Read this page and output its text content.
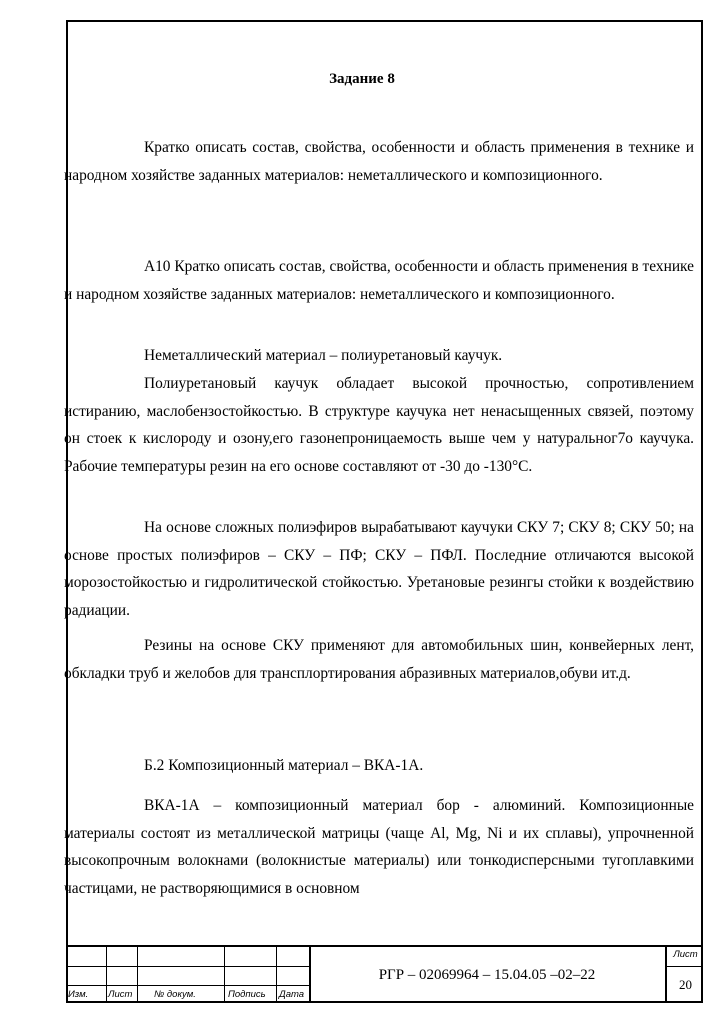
Задание 8

Кратко описать состав, свойства, особенности и область применения в технике и народном хозяйстве заданных материалов: неметаллического и композиционного.

А10 Кратко описать состав, свойства, особенности и область применения в технике и народном хозяйстве заданных материалов: неметаллического и композиционного.

Неметаллический материал – полиуретановый каучук.

Полиуретановый каучук обладает высокой прочностью, сопротивлением истиранию, маслобензостойкостью. В структуре каучука нет ненасыщенных связей, поэтому он стоек к кислороду и озону,его газонепроницаемость выше чем у натуральног7о каучука. Рабочие температуры резин на его основе составляют от -30 до -130°С.

На основе сложных полиэфиров вырабатывают каучуки СКУ 7; СКУ 8; СКУ 50; на основе простых полиэфиров – СКУ – ПФ; СКУ – ПФЛ. Последние отличаются высокой морозостойкостью и гидролитической стойкостью. Уретановые резингы стойки к воздействию радиации.

Резины на основе СКУ применяют для автомобильных шин, конвейерных лент, обкладки труб и желобов для трансплортирования абразивных материалов,обуви ит.д.

Б.2 Композиционный материал – ВКА-1А.

ВКА-1А – композиционный материал бор - алюминий. Композиционные материалы состоят из металлической матрицы (чаще Al, Mg, Ni и их сплавы), упрочненной высокопрочным волокнами (волокнистые материалы) или тонкодисперсными тугоплавкими частицами, не растворяющимися в основном

Изм. Лист № докум.	Подпись Дата
РГР – 02069964 – 15.04.05 –02–22
Лист
20
